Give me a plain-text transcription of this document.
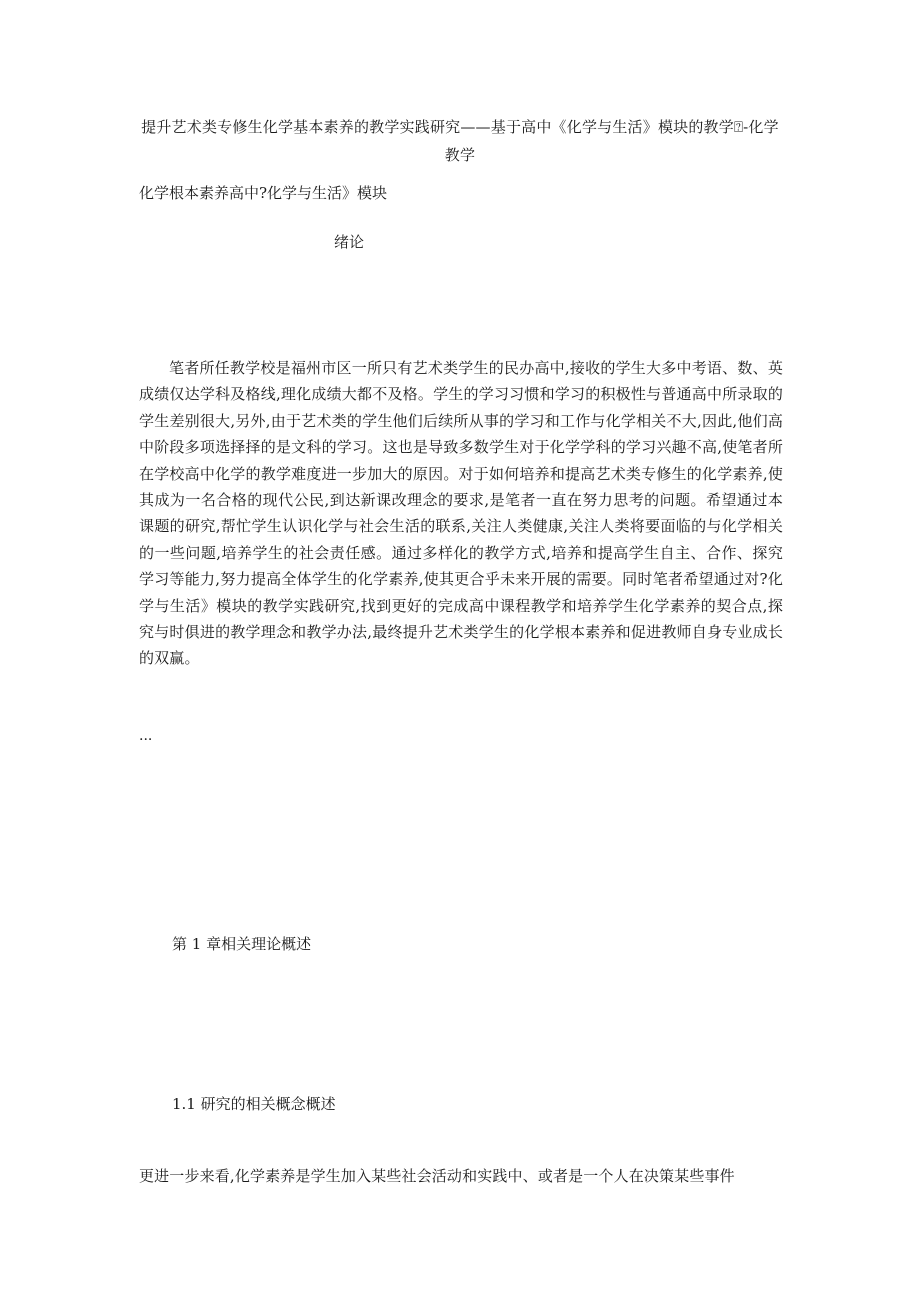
提升艺术类专修生化学基本素养的教学实践研究——基于高中《化学与生活》模块的教学⍰-化学教学
化学根本素养高中?化学与生活》模块
绪论
笔者所任教学校是福州市区一所只有艺术类学生的民办高中,接收的学生大多中考语、数、英成绩仅达学科及格线,理化成绩大都不及格。学生的学习习惯和学习的积极性与普通高中所录取的学生差别很大,另外,由于艺术类的学生他们后续所从事的学习和工作与化学相关不大,因此,他们高中阶段多项选择择的是文科的学习。这也是导致多数学生对于化学学科的学习兴趣不高,使笔者所在学校高中化学的教学难度进一步加大的原因。对于如何培养和提高艺术类专修生的化学素养,使其成为一名合格的现代公民,到达新课改理念的要求,是笔者一直在努力思考的问题。希望通过本课题的研究,帮忙学生认识化学与社会生活的联系,关注人类健康,关注人类将要面临的与化学相关的一些问题,培养学生的社会责任感。通过多样化的教学方式,培养和提高学生自主、合作、探究学习等能力,努力提高全体学生的化学素养,使其更合乎未来开展的需要。同时笔者希望通过对?化学与生活》模块的教学实践研究,找到更好的完成高中课程教学和培养学生化学素养的契合点,探究与时俱进的教学理念和教学办法,最终提升艺术类学生的化学根本素养和促进教师自身专业成长的双赢。
...
第 1 章相关理论概述
1.1 研究的相关概念概述
更进一步来看,化学素养是学生加入某些社会活动和实践中、或者是一个人在决策某些事件
